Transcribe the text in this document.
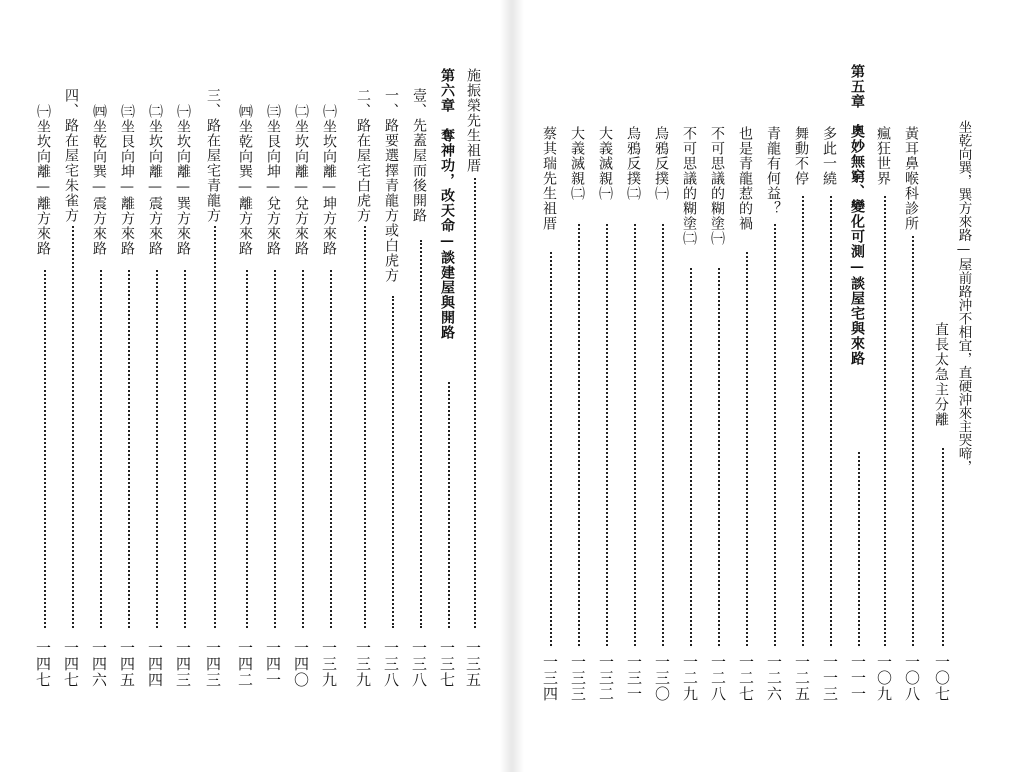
施振榮先生祖厝
一三五
第六章　奪神功，改天命—談建屋與開路
一三七
壹、先蓋屋而後開路
一三八
一、路要選擇青龍方或白虎方
一三八
二、路在屋宅白虎方
一三九
㈠坐坎向離—坤方來路
一三九
㈡坐坎向離—兌方來路
一四〇
㈢坐艮向坤—兌方來路
一四一
㈣坐乾向巽—離方來路
一四二
三、路在屋宅青龍方
一四三
㈠坐坎向離—巽方來路
一四三
㈡坐坎向離—震方來路
一四四
㈢坐艮向坤—離方來路
一四五
㈣坐乾向巽—震方來路
一四六
四、路在屋宅朱雀方
一四七
㈠坐坎向離—離方來路
一四七
坐乾向巽，巽方來路—屋前路沖不相宜，直硬沖來主哭啼，
直長太急主分離
一〇七
黃耳鼻喉科診所
一〇八
瘋狂世界
一〇九
第五章　奧妙無窮、變化可測—談屋宅與來路
一一一
多此一繞
一一三
舞動不停
一二五
青龍有何益？
一二六
也是青龍惹的禍
一二七
不可思議的糊塗㈠
一二八
不可思議的糊塗㈡
一二九
烏鴉反撲㈠
一三〇
烏鴉反撲㈡
一三一
大義滅親㈠
一三二
大義滅親㈡
一三三
蔡其瑞先生祖厝
一三四
